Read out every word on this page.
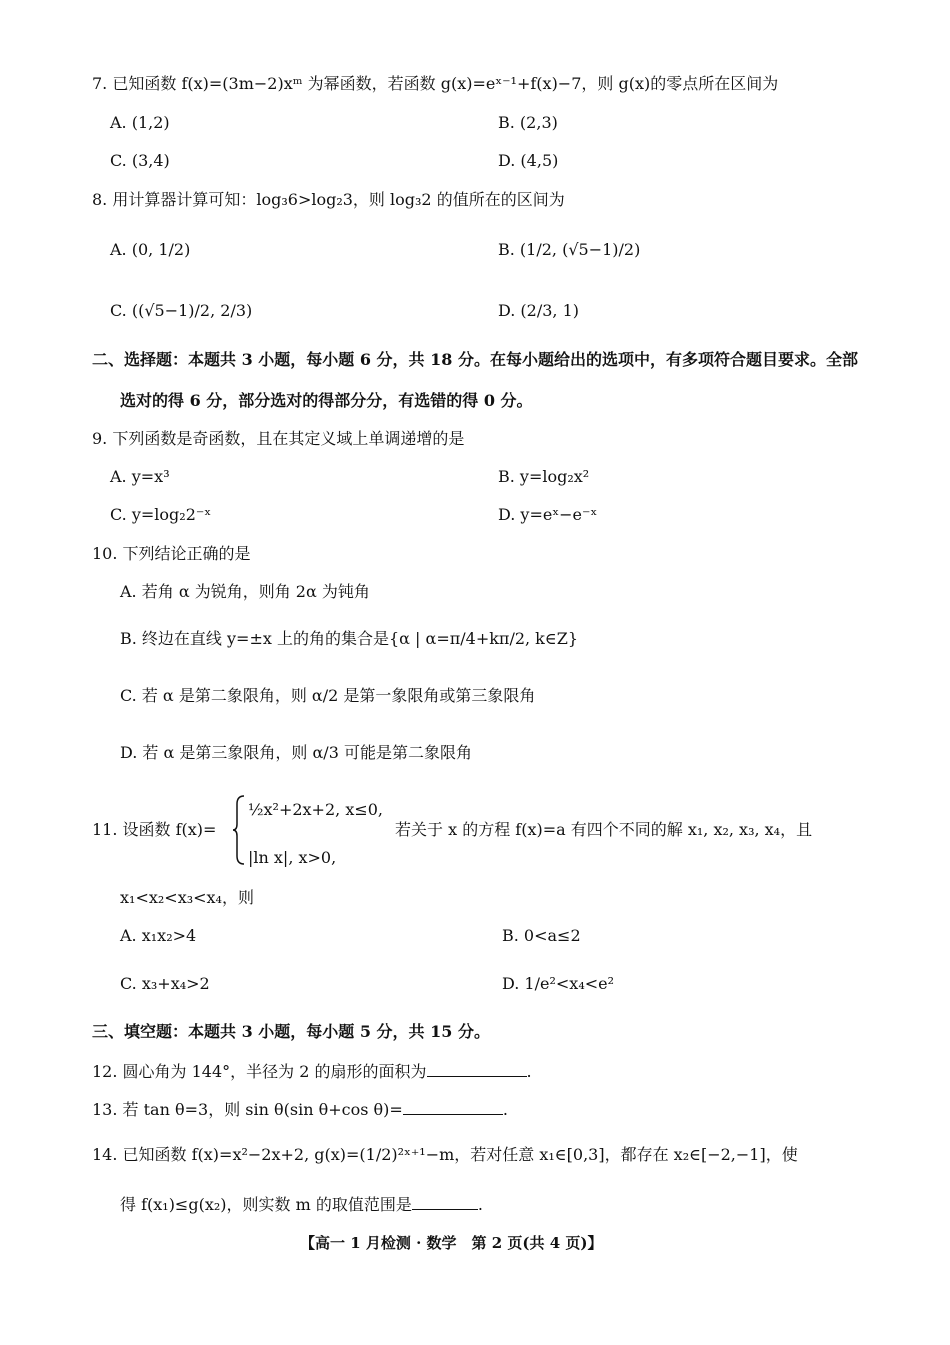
7. 已知函数 f(x)=(3m−2)xᵐ 为幂函数，若函数 g(x)=eˣ⁻¹+f(x)−7，则 g(x)的零点所在区间为
A. (1,2)	B. (2,3)
C. (3,4)	D. (4,5)
8. 用计算器计算可知：log₃6>log₂3，则 log₃2 的值所在的区间为
A. (0, 1/2)	B. (1/2, (√5−1)/2)
C. ((√5−1)/2, 2/3)	D. (2/3, 1)
二、选择题：本题共 3 小题，每小题 6 分，共 18 分。在每小题给出的选项中，有多项符合题目要求。全部
选对的得 6 分，部分选对的得部分分，有选错的得 0 分。
9. 下列函数是奇函数，且在其定义域上单调递增的是
A. y=x³	B. y=log₂x²
C. y=log₂2⁻ˣ	D. y=eˣ−e⁻ˣ
10. 下列结论正确的是
A. 若角 α 为锐角，则角 2α 为钝角
B. 终边在直线 y=±x 上的角的集合是{α | α=π/4+kπ/2, k∈Z}
C. 若 α 是第二象限角，则 α/2 是第一象限角或第三象限角
D. 若 α 是第三象限角，则 α/3 可能是第二象限角
11. 设函数 f(x)=
½x²+2x+2, x≤0,
|ln x|, x>0,
若关于 x 的方程 f(x)=a 有四个不同的解 x₁, x₂, x₃, x₄，且
x₁<x₂<x₃<x₄，则
A. x₁x₂>4	B. 0<a≤2
C. x₃+x₄>2	D. 1/e²<x₄<e²
三、填空题：本题共 3 小题，每小题 5 分，共 15 分。
12. 圆心角为 144°，半径为 2 的扇形的面积为	.
13. 若 tan θ=3，则 sin θ(sin θ+cos θ)=	.
14. 已知函数 f(x)=x²−2x+2, g(x)=(1/2)²ˣ⁺¹−m，若对任意 x₁∈[0,3]，都存在 x₂∈[−2,−1]，使
得 f(x₁)≤g(x₂)，则实数 m 的取值范围是	.
【高一 1 月检测 · 数学　第 2 页(共 4 页)】
